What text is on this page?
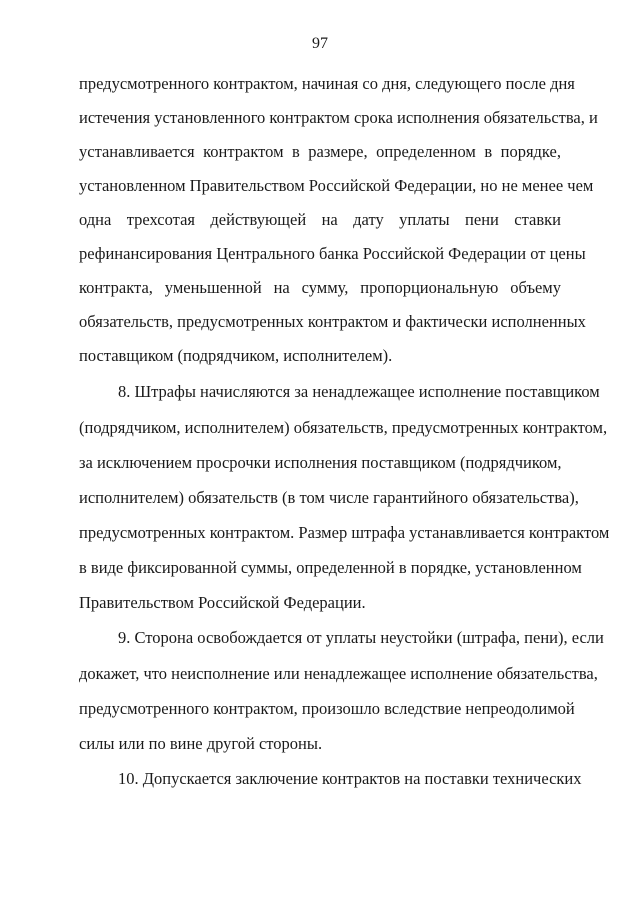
97
предусмотренного контрактом, начиная со дня, следующего после дня
истечения установленного контрактом срока исполнения обязательства, и
устанавливается контрактом в размере, определенном в порядке,
установленном Правительством Российской Федерации, но не менее чем
одна трехсотая действующей на дату уплаты пени ставки
рефинансирования Центрального банка Российской Федерации от цены
контракта, уменьшенной на сумму, пропорциональную объему
обязательств, предусмотренных контрактом и фактически исполненных
поставщиком (подрядчиком, исполнителем).
8. Штрафы начисляются за ненадлежащее исполнение поставщиком
(подрядчиком, исполнителем) обязательств, предусмотренных контрактом,
за исключением просрочки исполнения поставщиком (подрядчиком,
исполнителем) обязательств (в том числе гарантийного обязательства),
предусмотренных контрактом. Размер штрафа устанавливается контрактом
в виде фиксированной суммы, определенной в порядке, установленном
Правительством Российской Федерации.
9. Сторона освобождается от уплаты неустойки (штрафа, пени), если
докажет, что неисполнение или ненадлежащее исполнение обязательства,
предусмотренного контрактом, произошло вследствие непреодолимой
силы или по вине другой стороны.
10. Допускается заключение контрактов на поставки технических
